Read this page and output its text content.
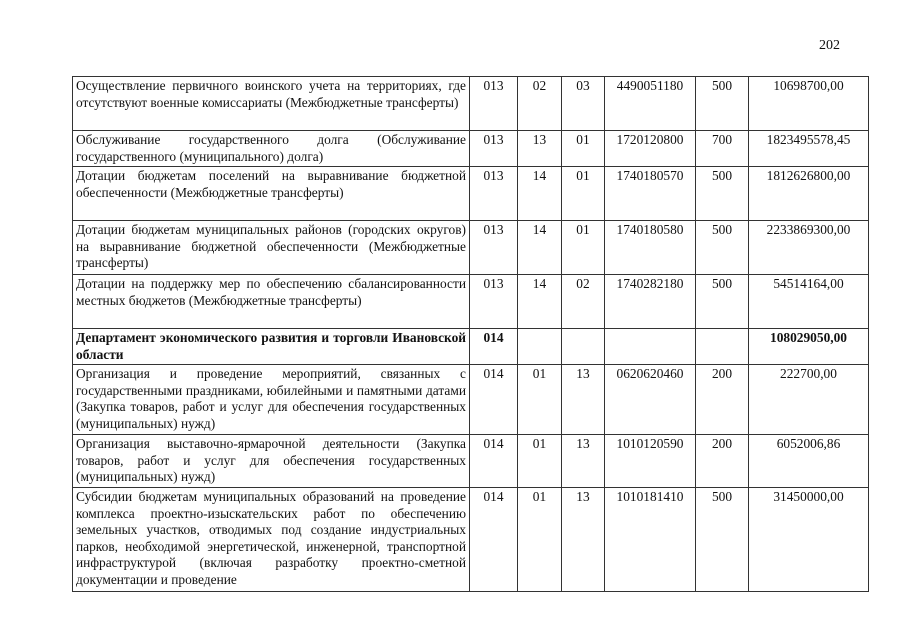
202
Осуществление первичного воинского учета на территориях, где отсутствуют военные комиссариаты (Межбюджетные трансферты)	013	02	03	4490051180	500	10698700,00
Обслуживание государственного долга (Обслуживание государственного (муниципального) долга)	013	13	01	1720120800	700	1823495578,45
Дотации бюджетам поселений на выравнивание бюджетной обеспеченности (Межбюджетные трансферты)	013	14	01	1740180570	500	1812626800,00
Дотации бюджетам муниципальных районов (городских округов) на выравнивание бюджетной обеспеченности (Межбюджетные трансферты)	013	14	01	1740180580	500	2233869300,00
Дотации на поддержку мер по обеспечению сбалансированности местных бюджетов (Межбюджетные трансферты)	013	14	02	1740282180	500	54514164,00
Департамент экономического развития и торговли Ивановской области	014					108029050,00
Организация и проведение мероприятий, связанных с государственными праздниками, юбилейными и памятными датами (Закупка товаров, работ и услуг для обеспечения государственных (муниципальных) нужд)	014	01	13	0620620460	200	222700,00
Организация выставочно-ярмарочной деятельности (Закупка товаров, работ и услуг для обеспечения государственных (муниципальных) нужд)	014	01	13	1010120590	200	6052006,86
Субсидии бюджетам муниципальных образований на проведение комплекса проектно-изыскательских работ по обеспечению земельных участков, отводимых под создание индустриальных парков, необходимой энергетической, инженерной, транспортной инфраструктурой (включая разработку проектно-сметной документации и проведение	014	01	13	1010181410	500	31450000,00
